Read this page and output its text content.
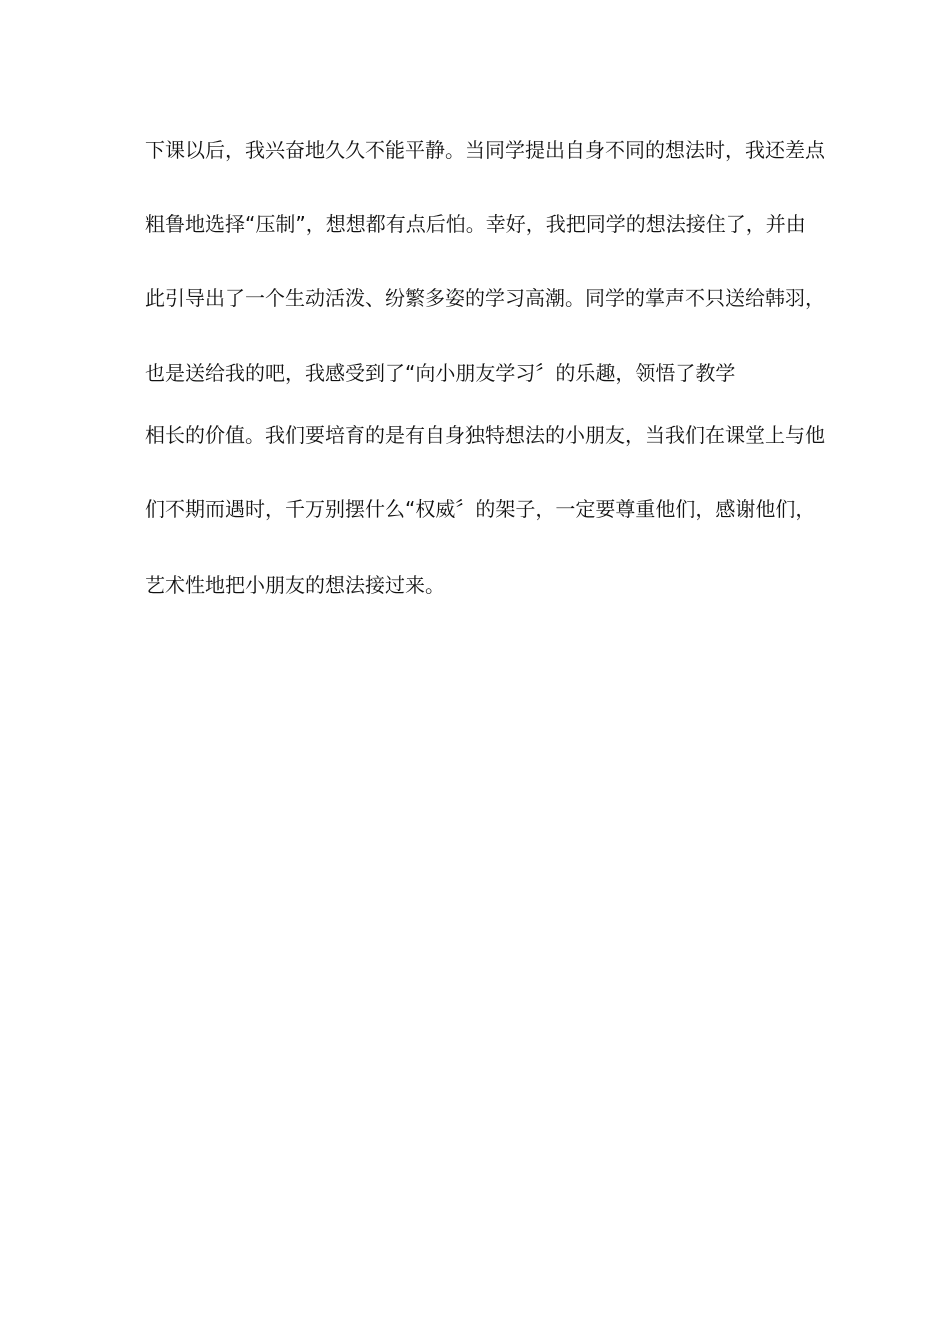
下课以后，我兴奋地久久不能平静。当同学提出自身不同的想法时，我还差点
粗鲁地选择“压制”，想想都有点后怕。幸好，我把同学的想法接住了，并由
此引导出了一个生动活泼、纷繁多姿的学习高潮。同学的掌声不只送给韩羽，
也是送给我的吧，我感受到了“向小朋友学习〞的乐趣，领悟了教学
相长的价值。我们要培育的是有自身独特想法的小朋友，当我们在课堂上与他
们不期而遇时，千万别摆什么“权威〞的架子，一定要尊重他们，感谢他们，
艺术性地把小朋友的想法接过来。
